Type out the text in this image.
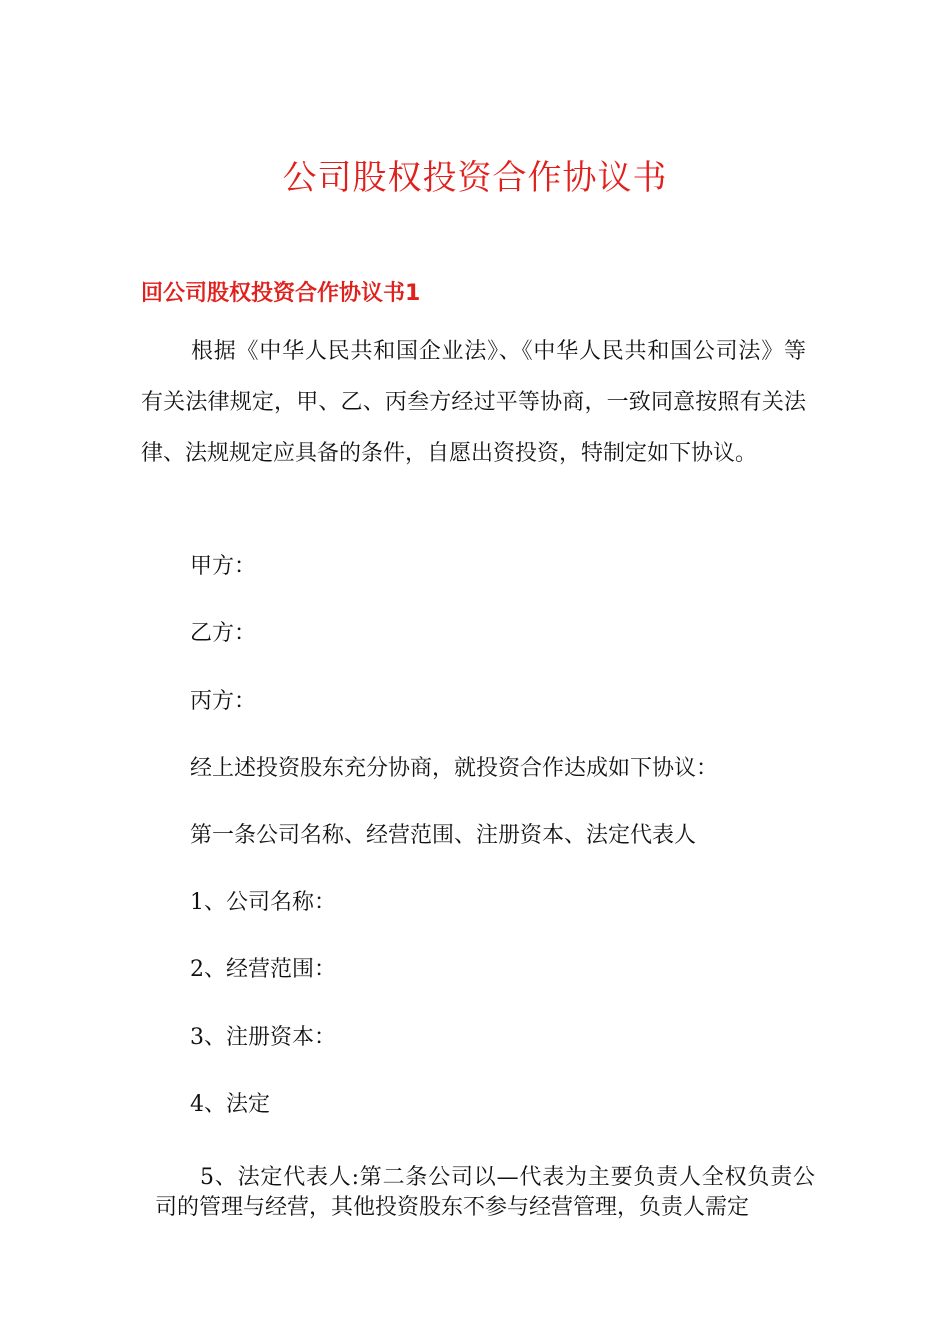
公司股权投资合作协议书
回公司股权投资合作协议书1

根据《中华人民共和国企业法》、《中华人民共和国公司法》等有关法律规定，甲、乙、丙叁方经过平等协商，一致同意按照有关法律、法规规定应具备的条件，自愿出资投资，特制定如下协议。

甲方：

乙方：

丙方：

经上述投资股东充分协商，就投资合作达成如下协议：

第一条公司名称、经营范围、注册资本、法定代表人

1、公司名称：

2、经营范围：

3、注册资本：

4、法定

5、法定代表人:第二条公司以—代表为主要负责人全权负责公司的管理与经营，其他投资股东不参与经营管理，负责人需定
